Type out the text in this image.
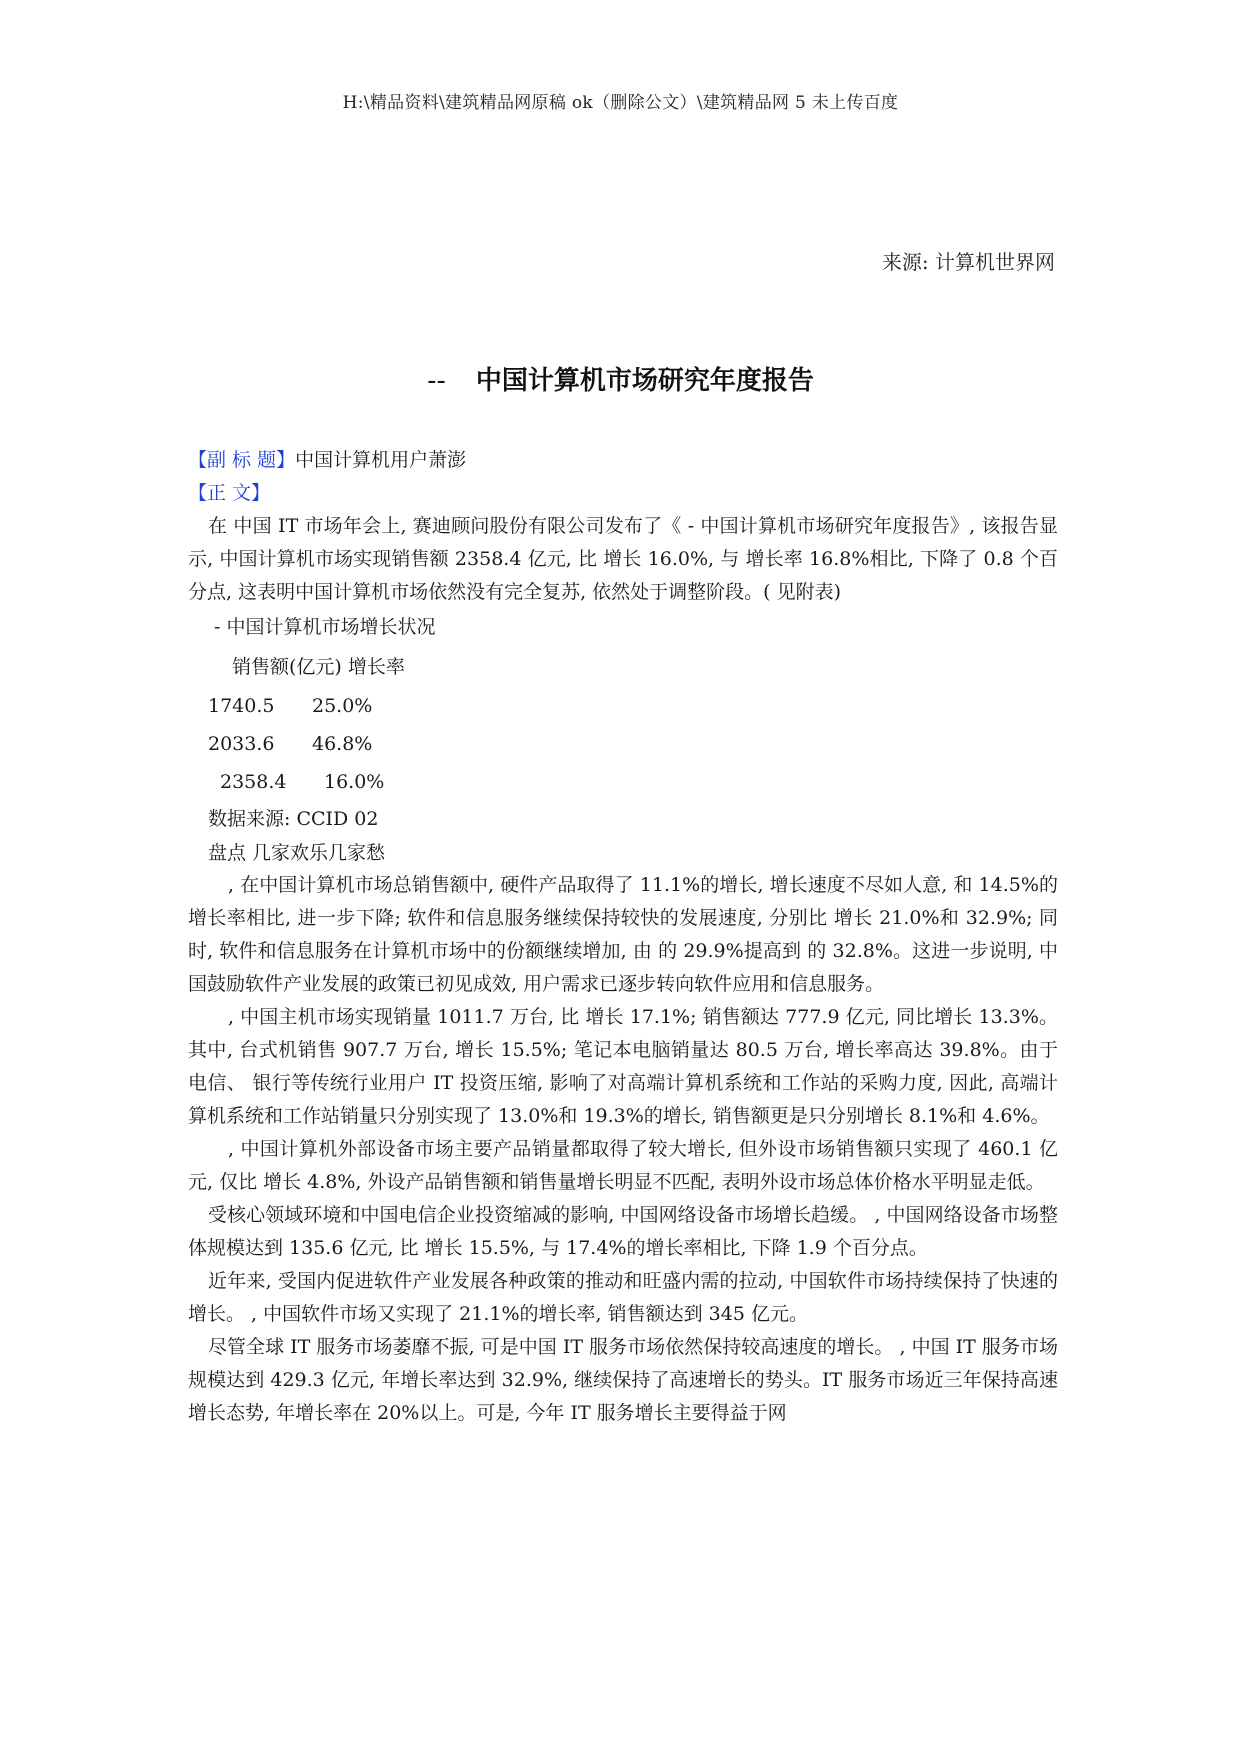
H:\精品资料\建筑精品网原稿 ok（删除公文）\建筑精品网 5 未上传百度
来源: 计算机世界网
-- 中国计算机市场研究年度报告
【副 标 题】中国计算机用户萧澎
【正 文】

在 中国 IT 市场年会上, 赛迪顾问股份有限公司发布了《 - 中国计算机市场研究年度报告》, 该报告显示, 中国计算机市场实现销售额 2358.4 亿元, 比 增长 16.0%, 与 增长率 16.8%相比, 下降了 0.8 个百分点, 这表明中国计算机市场依然没有完全复苏, 依然处于调整阶段。( 见附表)

- 中国计算机市场增长状况
销售额(亿元) 增长率
1740.5	25.0%
2033.6	46.8%
2358.4	16.0%
数据来源: CCID 02
盘点 几家欢乐几家愁

, 在中国计算机市场总销售额中, 硬件产品取得了 11.1%的增长, 增长速度不尽如人意, 和 14.5%的增长率相比, 进一步下降; 软件和信息服务继续保持较快的发展速度, 分别比 增长 21.0%和 32.9%; 同时, 软件和信息服务在计算机市场中的份额继续增加, 由 的 29.9%提高到 的 32.8%。这进一步说明, 中国鼓励软件产业发展的政策已初见成效, 用户需求已逐步转向软件应用和信息服务。

, 中国主机市场实现销量 1011.7 万台, 比 增长 17.1%; 销售额达 777.9 亿元, 同比增长 13.3%。其中, 台式机销售 907.7 万台, 增长 15.5%; 笔记本电脑销量达 80.5 万台, 增长率高达 39.8%。由于电信、 银行等传统行业用户 IT 投资压缩, 影响了对高端计算机系统和工作站的采购力度, 因此, 高端计算机系统和工作站销量只分别实现了 13.0%和 19.3%的增长, 销售额更是只分别增长 8.1%和 4.6%。

, 中国计算机外部设备市场主要产品销量都取得了较大增长, 但外设市场销售额只实现了 460.1 亿元, 仅比 增长 4.8%, 外设产品销售额和销售量增长明显不匹配, 表明外设市场总体价格水平明显走低。

受核心领域环境和中国电信企业投资缩减的影响, 中国网络设备市场增长趋缓。 , 中国网络设备市场整体规模达到 135.6 亿元, 比 增长 15.5%, 与 17.4%的增长率相比, 下降 1.9 个百分点。

近年来, 受国内促进软件产业发展各种政策的推动和旺盛内需的拉动, 中国软件市场持续保持了快速的增长。 , 中国软件市场又实现了 21.1%的增长率, 销售额达到 345 亿元。

尽管全球 IT 服务市场萎靡不振, 可是中国 IT 服务市场依然保持较高速度的增长。 , 中国 IT 服务市场规模达到 429.3 亿元, 年增长率达到 32.9%, 继续保持了高速增长的势头。IT 服务市场近三年保持高速增长态势, 年增长率在 20%以上。可是, 今年 IT 服务增长主要得益于网
